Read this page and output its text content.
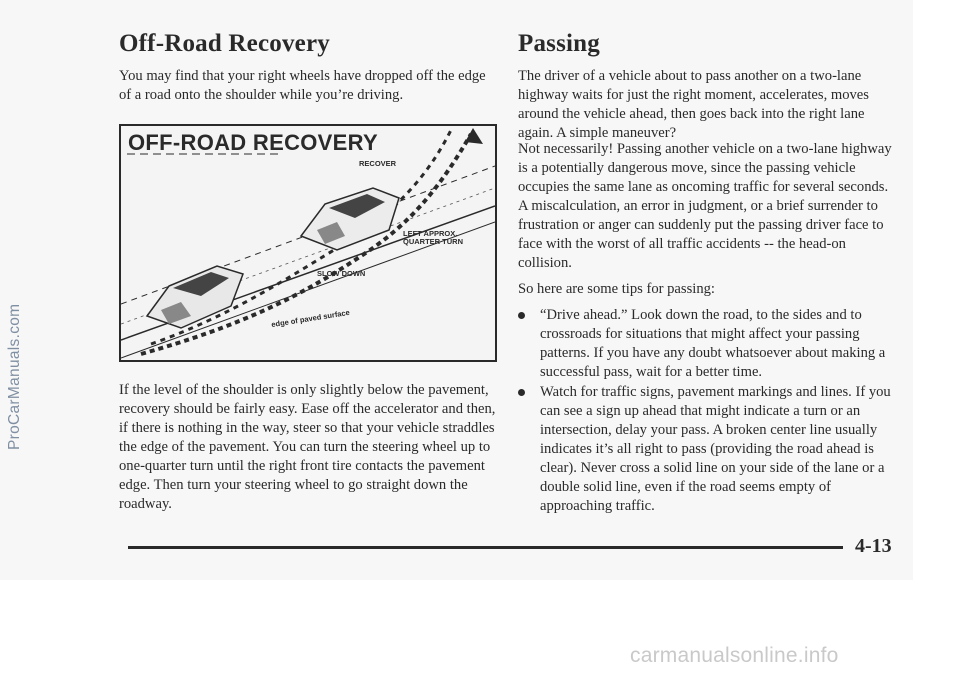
ProCarManuals.com
Off-Road Recovery

You may find that your right wheels have dropped off the edge of a road onto the shoulder while you’re driving.

OFF-ROAD RECOVERY
RECOVER
LEFT APPROX. QUARTER TURN
SLOW DOWN
edge of paved surface

If the level of the shoulder is only slightly below the pavement, recovery should be fairly easy. Ease off the accelerator and then, if there is nothing in the way, steer so that your vehicle straddles the edge of the pavement. You can turn the steering wheel up to one-quarter turn until the right front tire contacts the pavement edge. Then turn your steering wheel to go straight down the roadway.

Passing

The driver of a vehicle about to pass another on a two-lane highway waits for just the right moment, accelerates, moves around the vehicle ahead, then goes back into the right lane again. A simple maneuver?

Not necessarily! Passing another vehicle on a two-lane highway is a potentially dangerous move, since the passing vehicle occupies the same lane as oncoming traffic for several seconds. A miscalculation, an error in judgment, or a brief surrender to frustration or anger can suddenly put the passing driver face to face with the worst of all traffic accidents -- the head-on collision.

So here are some tips for passing:

“Drive ahead.” Look down the road, to the sides and to crossroads for situations that might affect your passing patterns. If you have any doubt whatsoever about making a successful pass, wait for a better time.

Watch for traffic signs, pavement markings and lines. If you can see a sign up ahead that might indicate a turn or an intersection, delay your pass. A broken center line usually indicates it’s all right to pass (providing the road ahead is clear). Never cross a solid line on your side of the lane or a double solid line, even if the road seems empty of approaching traffic.

4-13
carmanualsonline.info
